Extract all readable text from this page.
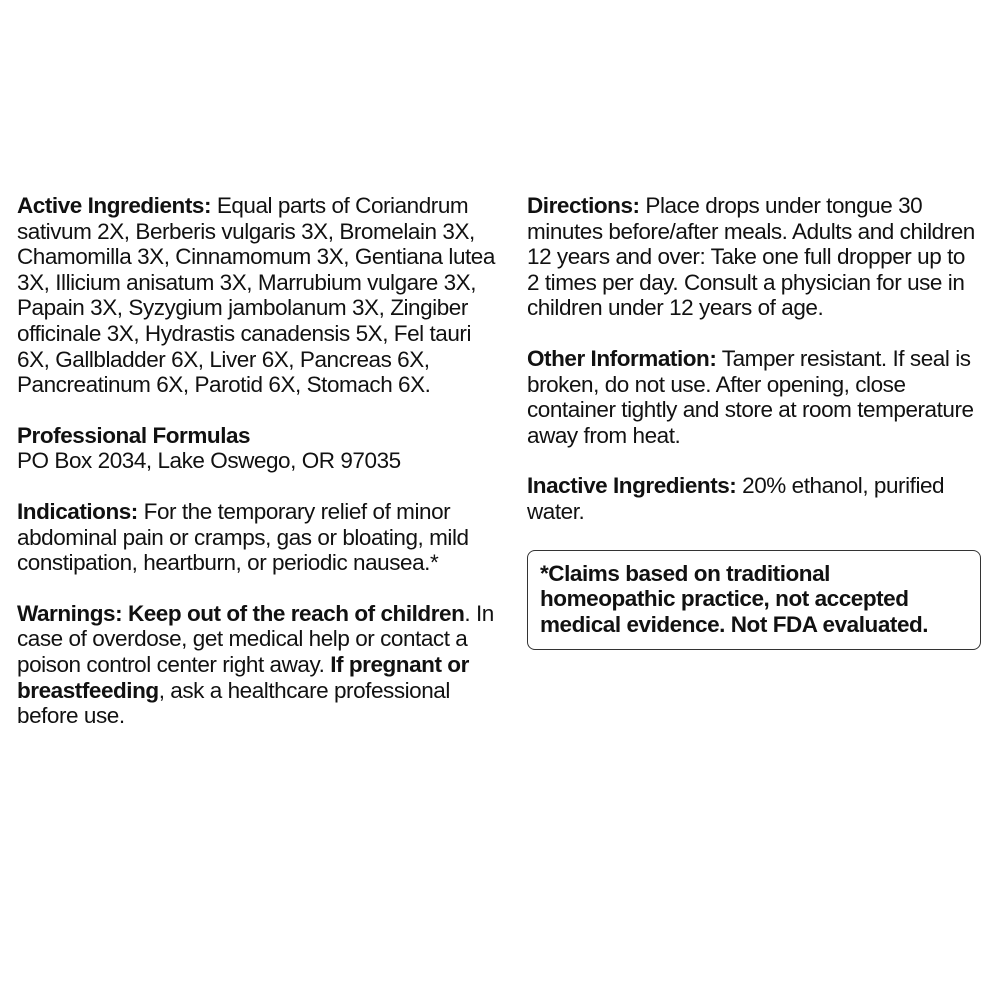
Active Ingredients: Equal parts of Coriandrum sativum 2X, Berberis vulgaris 3X, Bromelain 3X, Chamomilla 3X, Cinnamomum 3X, Gentiana lutea 3X, Illicium anisatum 3X, Marrubium vulgare 3X, Papain 3X, Syzygium jambolanum 3X, Zingiber officinale 3X, Hydrastis canadensis 5X, Fel tauri 6X, Gallbladder 6X, Liver 6X, Pancreas 6X, Pancreatinum 6X, Parotid 6X, Stomach 6X.

Professional Formulas

PO Box 2034, Lake Oswego, OR 97035

Indications: For the temporary relief of minor abdominal pain or cramps, gas or bloating, mild constipation, heartburn, or periodic nausea.*

Warnings: Keep out of the reach of children. In case of overdose, get medical help or contact a poison control center right away. If pregnant or breastfeeding, ask a healthcare professional before use.

Directions: Place drops under tongue 30 minutes before/after meals. Adults and children 12 years and over: Take one full dropper up to 2 times per day. Consult a physician for use in children under 12 years of age.

Other Information: Tamper resistant. If seal is broken, do not use. After opening, close container tightly and store at room temperature away from heat.

Inactive Ingredients: 20% ethanol, purified water.

*Claims based on traditional homeopathic practice, not accepted medical evidence. Not FDA evaluated.
